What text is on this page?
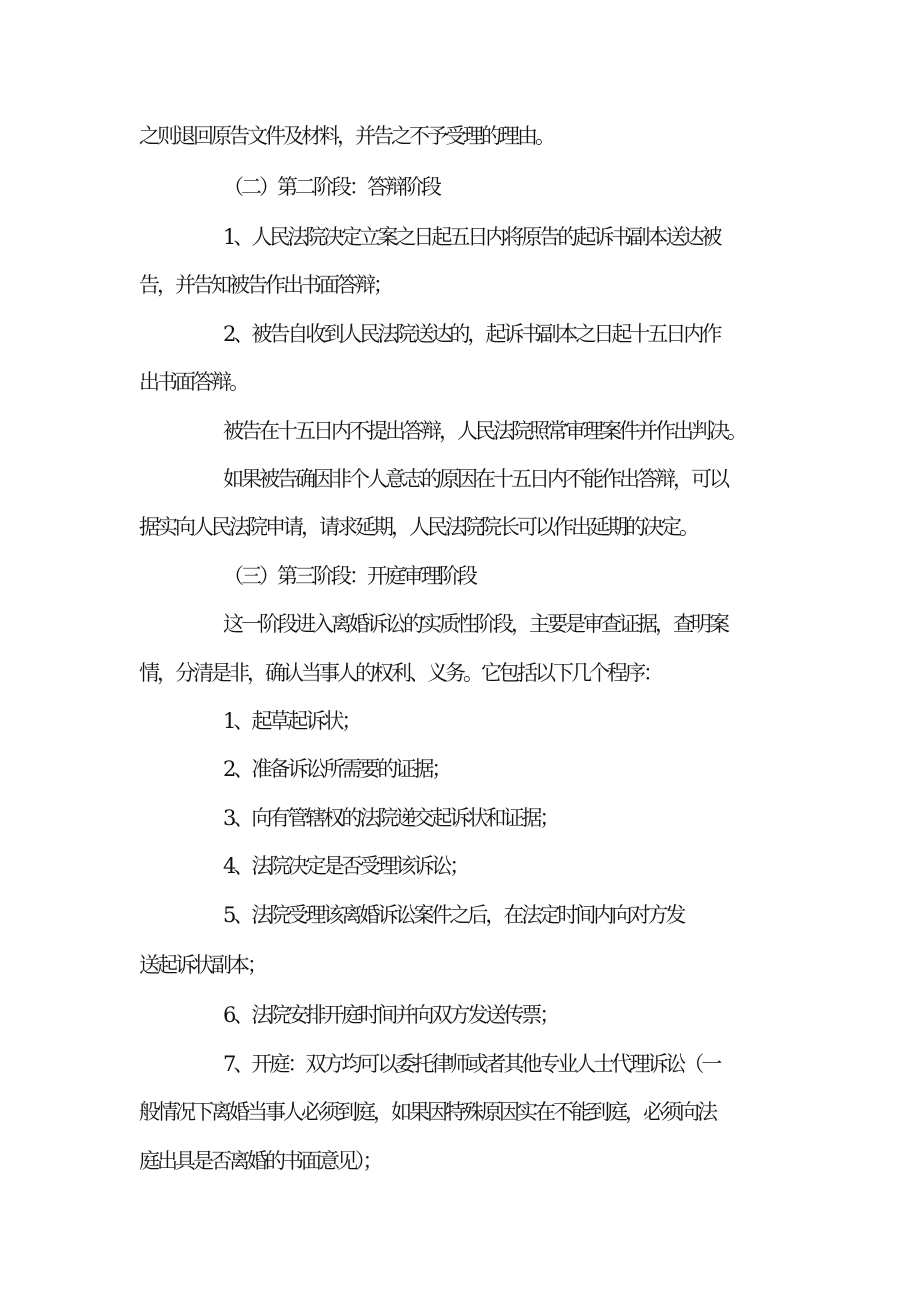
之则退回原告文件及材料，并告之不予受理的理由。
（二）第二阶段：答辩阶段
1、人民法院决定立案之日起五日内将原告的起诉书副本送达被
告，并告知被告作出书面答辩；
2、被告自收到人民法院送达的，起诉书副本之日起十五日内作
出书面答辩。
被告在十五日内不提出答辩，人民法院照常审理案件并作出判决。
如果被告确因非个人意志的原因在十五日内不能作出答辩，可以
据实向人民法院申请，请求延期，人民法院院长可以作出延期的决定。
（三）第三阶段：开庭审理阶段
这一阶段进入离婚诉讼的实质性阶段，主要是审查证据，查明案
情，分清是非，确认当事人的权利、义务。它包括以下几个程序：
1、起草起诉状；
2、准备诉讼所需要的证据；
3、向有管辖权的法院递交起诉状和证据；
4、法院决定是否受理该诉讼；
5、法院受理该离婚诉讼案件之后，在法定时间内向对方发
送起诉状副本；
6、法院安排开庭时间并向双方发送传票；
7、开庭：双方均可以委托律师或者其他专业人士代理诉讼（一
般情况下离婚当事人必须到庭，如果因特殊原因实在不能到庭，必须向法
庭出具是否离婚的书面意见）；
